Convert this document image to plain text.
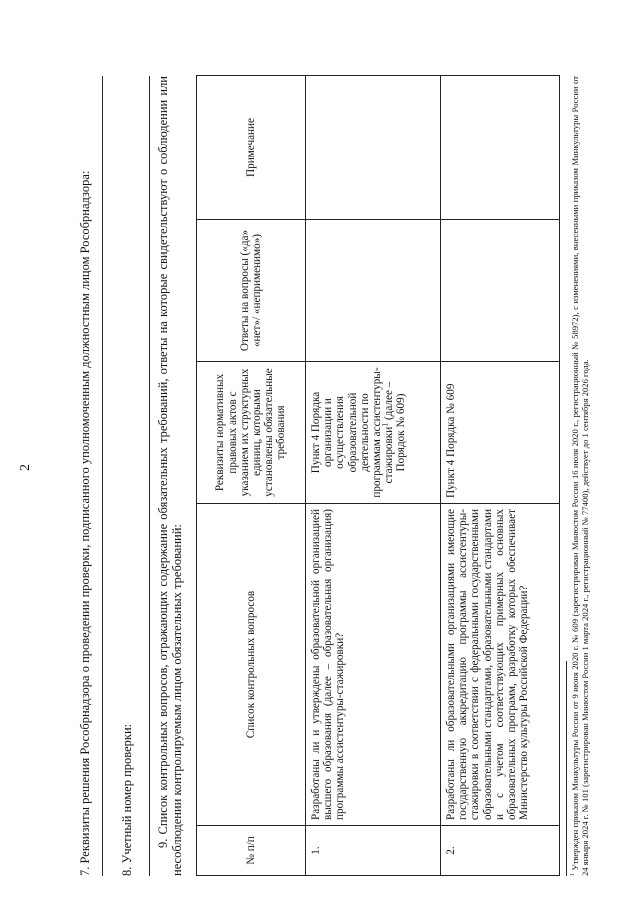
2	7. Реквизиты решения Рособрнадзора о проведении проверки, подписанного уполномоченным должностным лицом Рособрнадзора: 8. Учетный номер проверки: 9. Список контрольных вопросов, отражающих содержание обязательных требований, ответы на которые свидетельствуют о соблюдении или несоблюдении контролируемым лицом обязательных требований:	№ п/п	Список контрольных вопросов	Реквизиты нормативных правовых актов с указанием их структурных единиц, которыми установлены обязательные требования	Ответы на вопросы («да» «нет»/ «неприменимо»)	Примечание
1.	Разработаны ли и утверждены образовательной организацией высшего образования (далее – образовательная организация) программы ассистентуры-стажировки?	Пункт 4 Порядка организации и осуществления образовательной деятельности по программам ассистентуры-стажировки$^1$ (далее – Порядок № 609)		
2.	Разработаны ли образовательными организациями имеющие государственную аккредитацию программы ассистентуры-стажировки в соответствии с федеральными государственными образовательными стандартами, образовательными стандартами и с учетом соответствующих примерных основных образовательных программ, разработку которых обеспечивает Министерство культуры Российской Федерации?	Пункт 4 Порядка № 609		
$^1$ Утвержден приказом Минкультуры России от 9 июня 2020 г. № 609 (зарегистрирован Минюстом России 16 июля 2020 г., регистрационный № 58972), с изменениями, внесенными приказом Минкультуры России от 24 января 2024 г. № 101 (зарегистрирован Минюстом России 1 марта 2024 г., регистрационный № 77400), действует до 1 сентября 2026 года.
